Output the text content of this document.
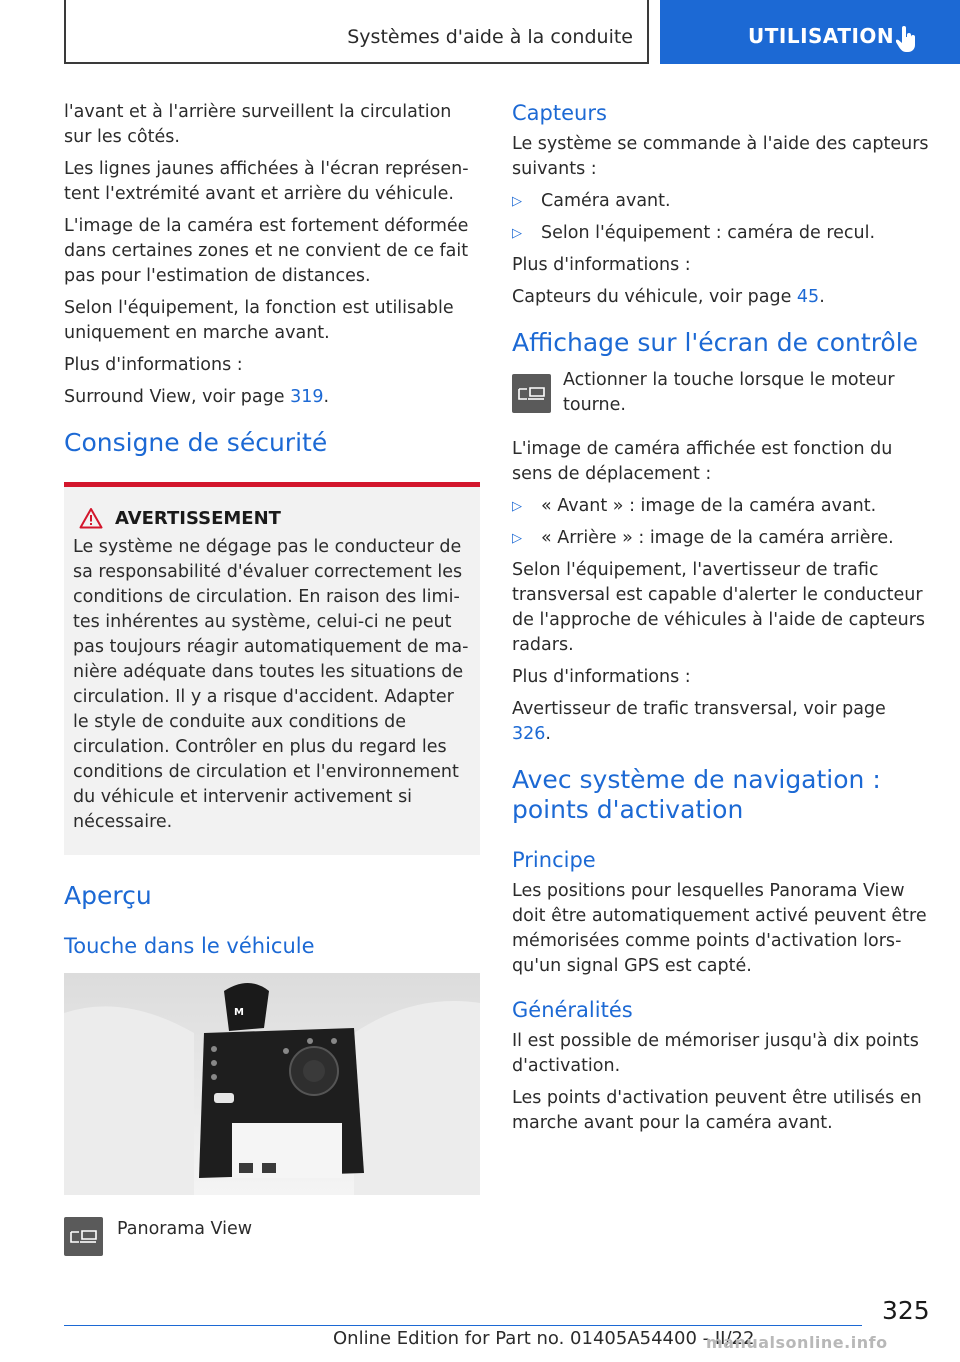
Systèmes d'aide à la conduite	UTILISATION

l'avant et à l'arrière surveillent la circulation sur les côtés.

Les lignes jaunes affichées à l'écran représentent l'extrémité avant et arrière du véhicule.

L'image de la caméra est fortement déformée dans certaines zones et ne convient de ce fait pas pour l'estimation de distances.

Selon l'équipement, la fonction est utilisable uniquement en marche avant.

Plus d'informations :

Surround View, voir page 319.

Consigne de sécurité
AVERTISSEMENT

Le système ne dégage pas le conducteur de sa responsabilité d'évaluer correctement les conditions de circulation. En raison des limites inhérentes au système, celui-ci ne peut pas toujours réagir automatiquement de manière adéquate dans toutes les situations de circulation. Il y a risque d'accident. Adapter le style de conduite aux conditions de circulation. Contrôler en plus du regard les conditions de circulation et l'environnement du véhicule et intervenir activement si nécessaire.

Aperçu
Touche dans le véhicule
M

Panorama View

Capteurs

Le système se commande à l'aide des capteurs suivants :

▷ Caméra avant.
▷ Selon l'équipement : caméra de recul.

Plus d'informations :

Capteurs du véhicule, voir page 45.

Affichage sur l'écran de contrôle

Actionner la touche lorsque le moteur tourne.

L'image de caméra affichée est fonction du sens de déplacement :

▷ « Avant » : image de la caméra avant.
▷ « Arrière » : image de la caméra arrière.

Selon l'équipement, l'avertisseur de trafic transversal est capable d'alerter le conducteur de l'approche de véhicules à l'aide de capteurs radars.

Plus d'informations :

Avertisseur de trafic transversal, voir page 326.

Avec système de navigation : points d'activation
Principe

Les positions pour lesquelles Panorama View doit être automatiquement activé peuvent être mémorisées comme points d'activation lorsqu'un signal GPS est capté.

Généralités

Il est possible de mémoriser jusqu'à dix points d'activation.

Les points d'activation peuvent être utilisés en marche avant pour la caméra avant.

325
Online Edition for Part no. 01405A54400 - II/22
manualsonline.info
